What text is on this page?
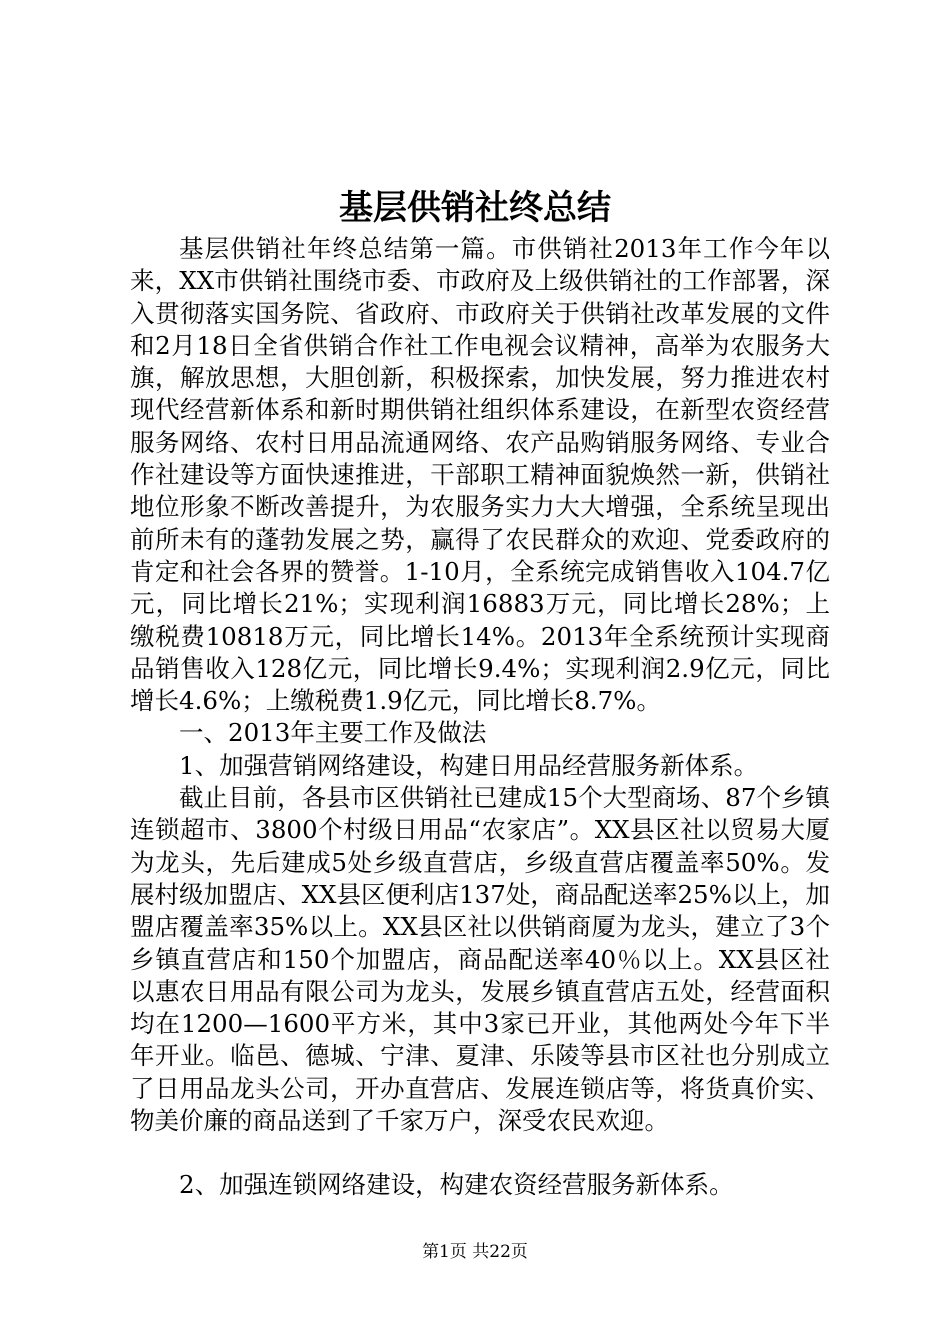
基层供销社终总结

基层供销社年终总结第一篇。市供销社2013年工作今年以来，XX市供销社围绕市委、市政府及上级供销社的工作部署，深入贯彻落实国务院、省政府、市政府关于供销社改革发展的文件和2月18日全省供销合作社工作电视会议精神，高举为农服务大旗，解放思想，大胆创新，积极探索，加快发展，努力推进农村现代经营新体系和新时期供销社组织体系建设，在新型农资经营服务网络、农村日用品流通网络、农产品购销服务网络、专业合作社建设等方面快速推进，干部职工精神面貌焕然一新，供销社地位形象不断改善提升，为农服务实力大大增强，全系统呈现出前所未有的蓬勃发展之势，赢得了农民群众的欢迎、党委政府的肯定和社会各界的赞誉。1-10月，全系统完成销售收入104.7亿元，同比增长21%；实现利润16883万元，同比增长28%；上缴税费10818万元，同比增长14%。2013年全系统预计实现商品销售收入128亿元，同比增长9.4%；实现利润2.9亿元，同比增长4.6%；上缴税费1.9亿元，同比增长8.7%。

一、2013年主要工作及做法

1、加强营销网络建设，构建日用品经营服务新体系。

截止目前，各县市区供销社已建成15个大型商场、87个乡镇连锁超市、3800个村级日用品“农家店”。XX县区社以贸易大厦为龙头，先后建成5处乡级直营店，乡级直营店覆盖率50%。发展村级加盟店、XX县区便利店137处，商品配送率25%以上，加盟店覆盖率35%以上。XX县区社以供销商厦为龙头，建立了3个乡镇直营店和150个加盟店，商品配送率40％以上。XX县区社以惠农日用品有限公司为龙头，发展乡镇直营店五处，经营面积均在1200—1600平方米，其中3家已开业，其他两处今年下半年开业。临邑、德城、宁津、夏津、乐陵等县市区社也分别成立了日用品龙头公司，开办直营店、发展连锁店等，将货真价实、物美价廉的商品送到了千家万户，深受农民欢迎。

2、加强连锁网络建设，构建农资经营服务新体系。

第1页 共22页
